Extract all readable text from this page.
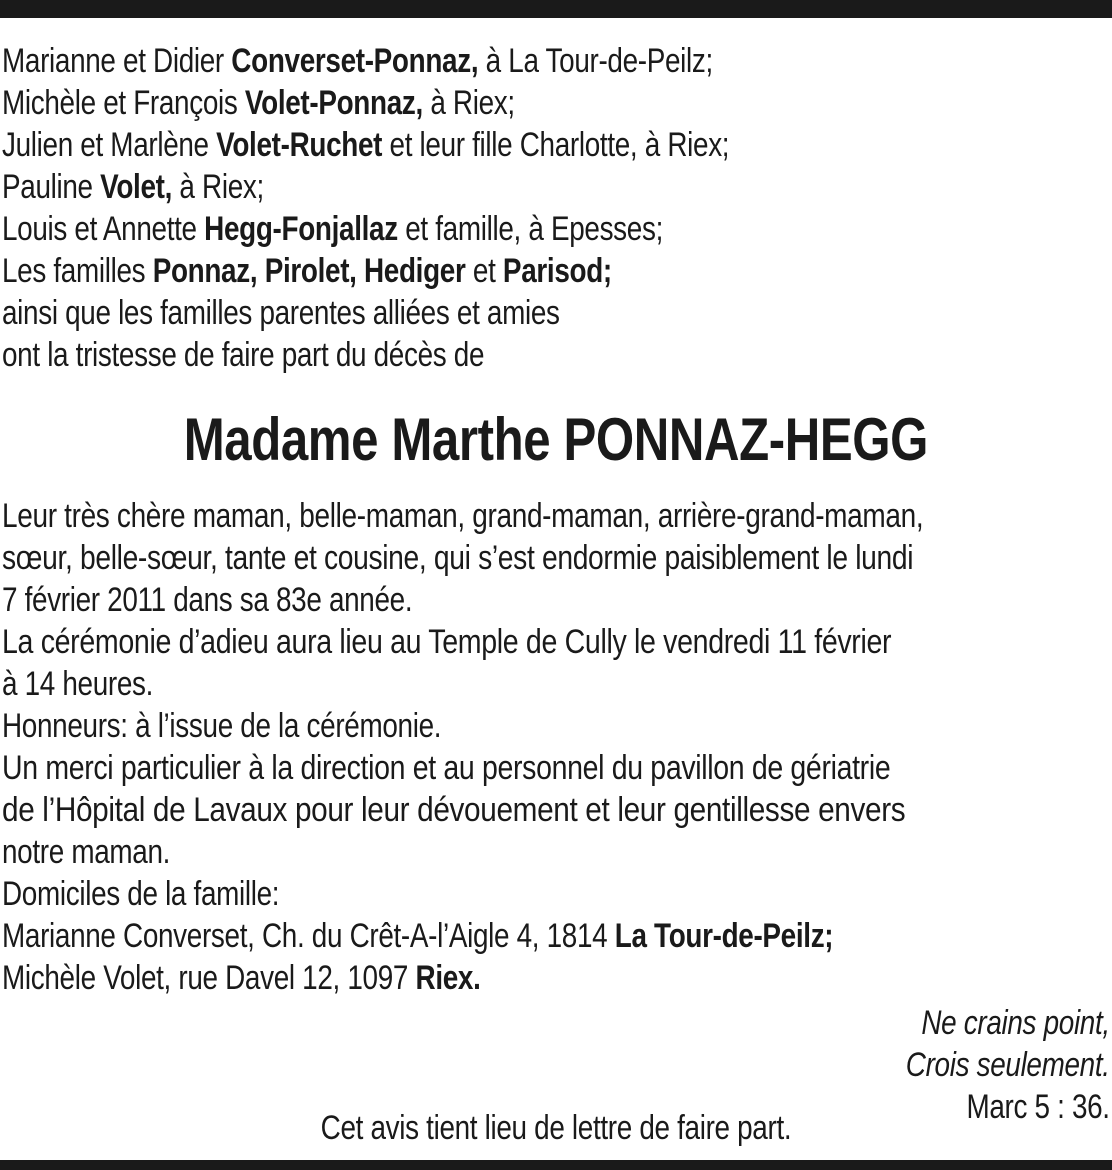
Marianne et Didier Converset-Ponnaz, à La Tour-de-Peilz;
Michèle et François Volet-Ponnaz, à Riex;
Julien et Marlène Volet-Ruchet et leur fille Charlotte, à Riex;
Pauline Volet, à Riex;
Louis et Annette Hegg-Fonjallaz et famille, à Epesses;
Les familles Ponnaz, Pirolet, Hediger et Parisod;
ainsi que les familles parentes alliées et amies
ont la tristesse de faire part du décès de
Madame Marthe PONNAZ-HEGG
Leur très chère maman, belle-maman, grand-maman, arrière-grand-maman,
sœur, belle-sœur, tante et cousine, qui s’est endormie paisiblement le lundi
7 février 2011 dans sa 83e année.
La cérémonie d’adieu aura lieu au Temple de Cully le vendredi 11 février
à 14 heures.
Honneurs: à l’issue de la cérémonie.
Un merci particulier à la direction et au personnel du pavillon de gériatrie
de l’Hôpital de Lavaux pour leur dévouement et leur gentillesse envers
notre maman.
Domiciles de la famille:
Marianne Converset, Ch. du Crêt-A-l’Aigle 4, 1814 La Tour-de-Peilz;
Michèle Volet, rue Davel 12, 1097 Riex.
Ne crains point,
Crois seulement.
Marc 5 : 36.
Cet avis tient lieu de lettre de faire part.
